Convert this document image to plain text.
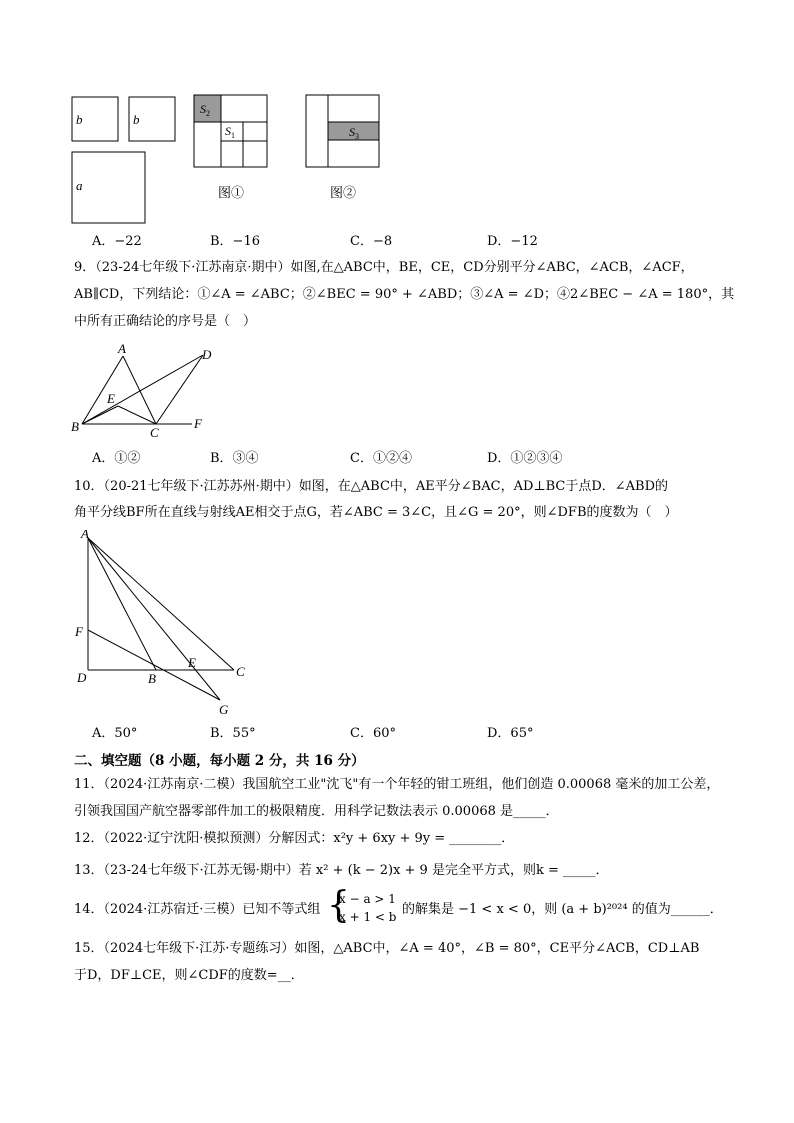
b	b
a
$S_2$
$S_1$	$S_3$
图①	图②
A．−22	B．−16	C．−8	D．−12
9．（23-24七年级下·江苏南京·期中）如图,在△ABC中，BE，CE，CD分别平分∠ABC，∠ACB，∠ACF，
AB∥CD，下列结论：①∠A = ∠ABC；②∠BEC = 90° + ∠ABD；③∠A = ∠D；④2∠BEC − ∠A = 180°，其
中所有正确结论的序号是（　）
A	D
E
B	C
F
A．①②	B．③④	C．①②④	D．①②③④
10．（20-21七年级下·江苏苏州·期中）如图，在△ABC中，AE平分∠BAC，AD⊥BC于点D．∠ABD的
角平分线BF所在直线与射线AE相交于点G，若∠ABC = 3∠C，且∠G = 20°，则∠DFB的度数为（　）
A
F
D	B
E
C
G
A．50°	B．55°	C．60°	D．65°
二、填空题（8 小题，每小题 2 分，共 16 分）
11．（2024·江苏南京·二模）我国航空工业"沈飞"有一个年轻的钳工班组，他们创造 0.00068 毫米的加工公差，
引领我国国产航空器零部件加工的极限精度．用科学记数法表示 0.00068 是_____．
12．（2022·辽宁沈阳·模拟预测）分解因式：x²y + 6xy + 9y = ________．
13．（23-24七年级下·江苏无锡·期中）若 x² + (k − 2)x + 9 是完全平方式，则k = _____．
14．（2024·江苏宿迁·三模）已知不等式组 {
x − a > 1
x + 1 < b 的解集是 −1 < x < 0，则 (a + b)²⁰²⁴ 的值为______．
15．（2024七年级下·江苏·专题练习）如图，△ABC中，∠A = 40°，∠B = 80°，CE平分∠ACB，CD⊥AB
于D，DF⊥CE，则∠CDF的度数=__．
